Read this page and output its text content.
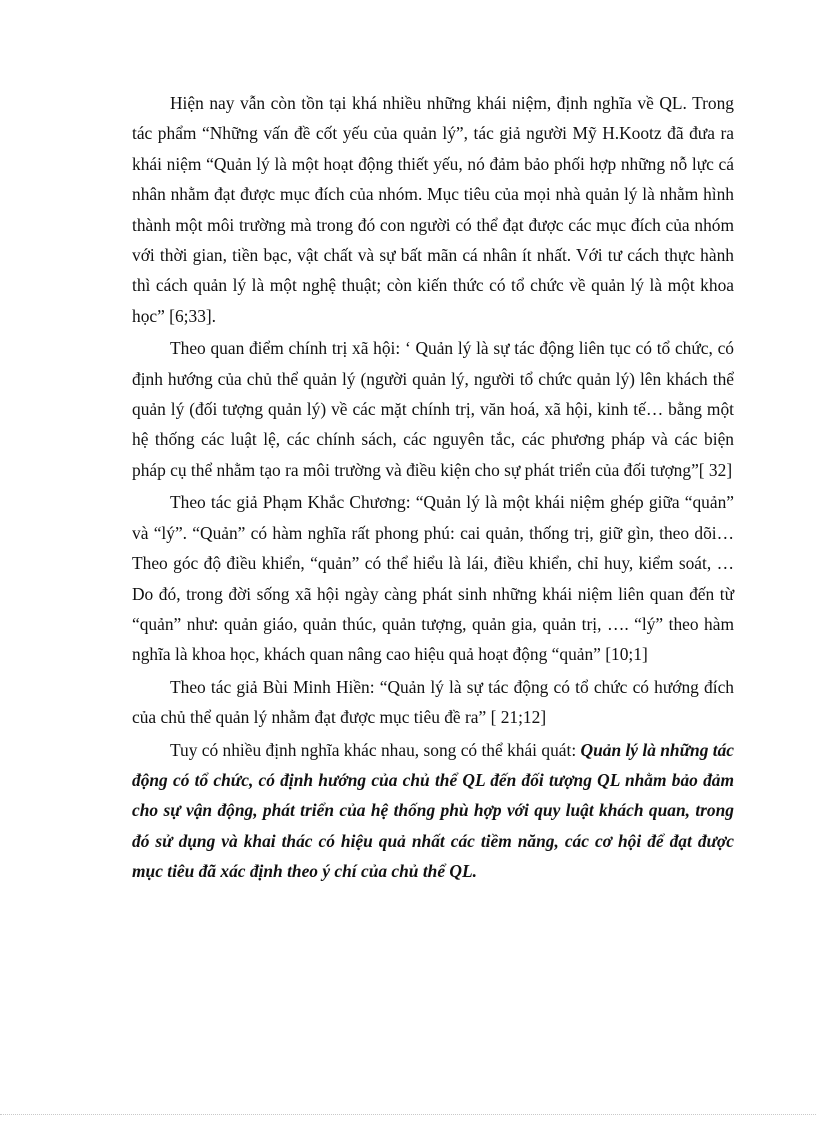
Hiện nay vẫn còn tồn tại khá nhiều những khái niệm, định nghĩa về QL. Trong tác phẩm “Những vấn đề cốt yếu của quản lý”, tác giả người Mỹ H.Kootz đã đưa ra khái niệm “Quản lý là một hoạt động thiết yếu, nó đảm bảo phối hợp những nỗ lực cá nhân nhằm đạt được mục đích của nhóm. Mục tiêu của mọi nhà quản lý là nhằm hình thành một môi trường mà trong đó con người có thể đạt được các mục đích của nhóm với thời gian, tiền bạc, vật chất và sự bất mãn cá nhân ít nhất. Với tư cách thực hành thì cách quản lý là một nghệ thuật; còn kiến thức có tổ chức về quản lý là một khoa học” [6;33].

Theo quan điểm chính trị xã hội: ‘ Quản lý là sự tác động liên tục có tổ chức, có định hướng của chủ thể quản lý (người quản lý, người tổ chức quản lý) lên khách thể quản lý (đối tượng quản lý) về các mặt chính trị, văn hoá, xã hội, kinh tế… bằng một hệ thống các luật lệ, các chính sách, các nguyên tắc, các phương pháp và các biện pháp cụ thể nhằm tạo ra môi trường và điều kiện cho sự phát triển của đối tượng”[ 32]

Theo tác giả Phạm Khắc Chương: “Quản lý là một khái niệm ghép giữa “quản” và “lý”. “Quản” có hàm nghĩa rất phong phú: cai quản, thống trị, giữ gìn, theo dõi…Theo góc độ điều khiển, “quản” có thể hiểu là lái, điều khiển, chỉ huy, kiểm soát, … Do đó, trong đời sống xã hội ngày càng phát sinh những khái niệm liên quan đến từ “quản” như: quản giáo, quản thúc, quản tượng, quản gia, quản trị, …. “lý” theo hàm nghĩa là khoa học, khách quan nâng cao hiệu quả hoạt động “quản” [10;1]

Theo tác giả Bùi Minh Hiền: “Quản lý là sự tác động có tổ chức có hướng đích của chủ thể quản lý nhằm đạt được mục tiêu đề ra” [ 21;12]

Tuy có nhiều định nghĩa khác nhau, song có thể khái quát: Quản lý là những tác động có tổ chức, có định hướng của chủ thể QL đến đối tượng QL nhằm bảo đảm cho sự vận động, phát triển của hệ thống phù hợp với quy luật khách quan, trong đó sử dụng và khai thác có hiệu quả nhất các tiềm năng, các cơ hội để đạt được mục tiêu đã xác định theo ý chí của chủ thể QL.
